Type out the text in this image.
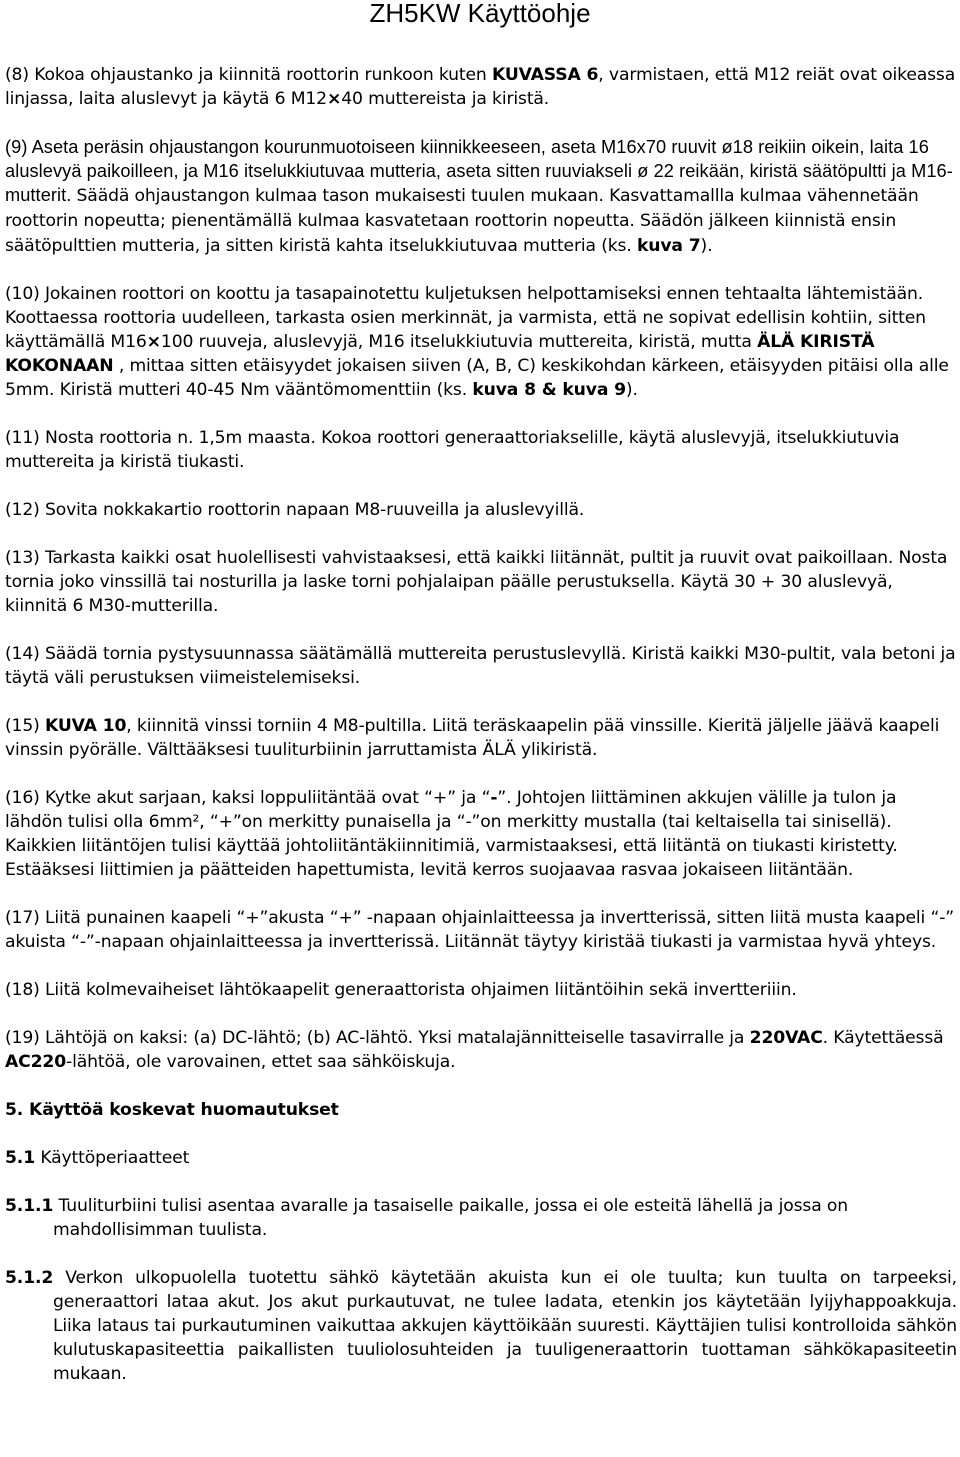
ZH5KW Käyttöohje

(8) Kokoa ohjaustanko ja kiinnitä roottorin runkoon kuten KUVASSA 6, varmistaen, että M12 reiät ovat oikeassa linjassa, laita aluslevyt ja käytä 6 M12×40 muttereista ja kiristä.

(9) Aseta peräsin ohjaustangon kourunmuotoiseen kiinnikkeeseen, aseta M16x70 ruuvit ø18 reikiin oikein, laita 16 aluslevyä paikoilleen, ja M16 itselukkiutuvaa mutteria, aseta sitten ruuviakseli ø 22 reikään, kiristä säätöpultti ja M16-mutterit. Säädä ohjaustangon kulmaa tason mukaisesti tuulen mukaan. Kasvattamallla kulmaa vähennetään roottorin nopeutta; pienentämällä kulmaa kasvatetaan roottorin nopeutta. Säädön jälkeen kiinnistä ensin säätöpulttien mutteria, ja sitten kiristä kahta itselukkiutuvaa mutteria (ks. kuva 7).

(10) Jokainen roottori on koottu ja tasapainotettu kuljetuksen helpottamiseksi ennen tehtaalta lähtemistään. Koottaessa roottoria uudelleen, tarkasta osien merkinnät, ja varmista, että ne sopivat edellisin kohtiin, sitten käyttämällä M16×100 ruuveja, aluslevyjä, M16 itselukkiutuvia muttereita, kiristä, mutta ÄLÄ KIRISTÄ KOKONAAN , mittaa sitten etäisyydet jokaisen siiven (A, B, C) keskikohdan kärkeen, etäisyyden pitäisi olla alle 5mm. Kiristä mutteri 40-45 Nm vääntömomenttiin (ks. kuva 8 & kuva 9).

(11) Nosta roottoria n. 1,5m maasta. Kokoa roottori generaattoriakselille, käytä aluslevyjä, itselukkiutuvia muttereita ja kiristä tiukasti.

(12) Sovita nokkakartio roottorin napaan M8-ruuveilla ja aluslevyillä.

(13) Tarkasta kaikki osat huolellisesti vahvistaaksesi, että kaikki liitännät, pultit ja ruuvit ovat paikoillaan. Nosta tornia joko vinssillä tai nosturilla ja laske torni pohjalaipan päälle perustuksella. Käytä 30 + 30 aluslevyä, kiinnitä 6 M30-mutterilla.

(14) Säädä tornia pystysuunnassa säätämällä muttereita perustuslevyllä. Kiristä kaikki M30-pultit, vala betoni ja täytä väli perustuksen viimeistelemiseksi.

(15) KUVA 10, kiinnitä vinssi torniin 4 M8-pultilla. Liitä teräskaapelin pää vinssille. Kieritä jäljelle jäävä kaapeli vinssin pyörälle. Välttääksesi tuuliturbiinin jarruttamista ÄLÄ ylikiristä.

(16) Kytke akut sarjaan, kaksi loppuliitäntää ovat “+” ja “-”. Johtojen liittäminen akkujen välille ja tulon ja lähdön tulisi olla 6mm², “+”on merkitty punaisella ja “-”on merkitty mustalla (tai keltaisella tai sinisellä). Kaikkien liitäntöjen tulisi käyttää johtoliitäntäkiinnitimiä, varmistaaksesi, että liitäntä on tiukasti kiristetty. Estääksesi liittimien ja päätteiden hapettumista, levitä kerros suojaavaa rasvaa jokaiseen liitäntään.

(17) Liitä punainen kaapeli “+”akusta “+” -napaan ohjainlaitteessa ja invertterissä, sitten liitä musta kaapeli “-” akuista “-”-napaan ohjainlaitteessa ja invertterissä. Liitännät täytyy kiristää tiukasti ja varmistaa hyvä yhteys.

(18) Liitä kolmevaiheiset lähtökaapelit generaattorista ohjaimen liitäntöihin sekä invertteriiin.

(19) Lähtöjä on kaksi: (a) DC-lähtö; (b) AC-lähtö. Yksi matalajännitteiselle tasavirralle ja 220VAC. Käytettäessä AC220-lähtöä, ole varovainen, ettet saa sähköiskuja.

5. Käyttöä koskevat huomautukset

5.1 Käyttöperiaatteet

5.1.1 Tuuliturbiini tulisi asentaa avaralle ja tasaiselle paikalle, jossa ei ole esteitä lähellä ja jossa on mahdollisimman tuulista.

5.1.2 Verkon ulkopuolella tuotettu sähkö käytetään akuista kun ei ole tuulta; kun tuulta on tarpeeksi, generaattori lataa akut. Jos akut purkautuvat, ne tulee ladata, etenkin jos käytetään lyijyhappoakkuja. Liika lataus tai purkautuminen vaikuttaa akkujen käyttöikään suuresti. Käyttäjien tulisi kontrolloida sähkön kulutuskapasiteettia paikallisten tuuliolosuhteiden ja tuuligeneraattorin tuottaman sähkökapasiteetin mukaan.
